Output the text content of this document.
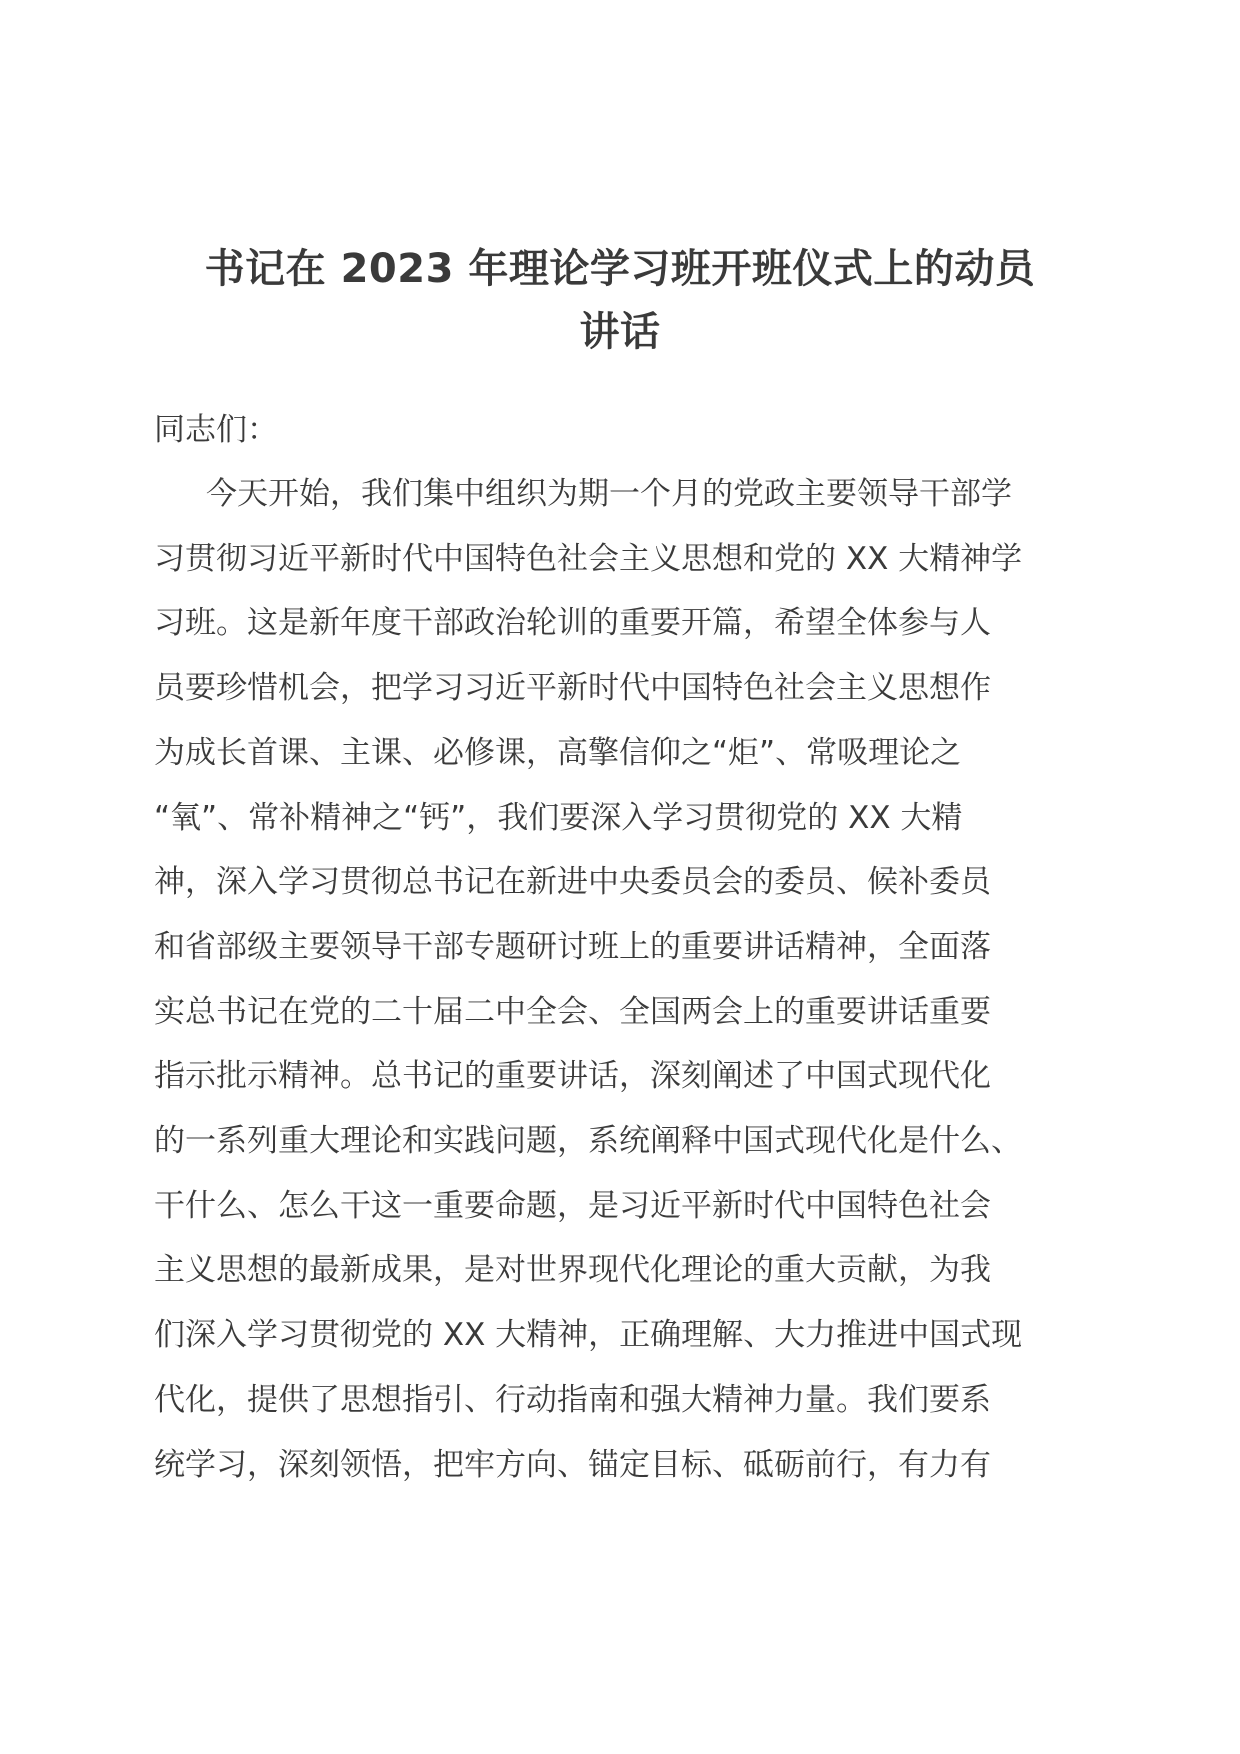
书记在 2023 年理论学习班开班仪式上的动员
讲话

同志们：

今天开始，我们集中组织为期一个月的党政主要领导干部学
习贯彻习近平新时代中国特色社会主义思想和党的 XX 大精神学
习班。这是新年度干部政治轮训的重要开篇，希望全体参与人
员要珍惜机会，把学习习近平新时代中国特色社会主义思想作
为成长首课、主课、必修课，高擎信仰之“炬”、常吸理论之
“氧”、常补精神之“钙”，我们要深入学习贯彻党的 XX 大精
神，深入学习贯彻总书记在新进中央委员会的委员、候补委员
和省部级主要领导干部专题研讨班上的重要讲话精神，全面落
实总书记在党的二十届二中全会、全国两会上的重要讲话重要
指示批示精神。总书记的重要讲话，深刻阐述了中国式现代化
的一系列重大理论和实践问题，系统阐释中国式现代化是什么、
干什么、怎么干这一重要命题，是习近平新时代中国特色社会
主义思想的最新成果，是对世界现代化理论的重大贡献，为我
们深入学习贯彻党的 XX 大精神，正确理解、大力推进中国式现
代化，提供了思想指引、行动指南和强大精神力量。我们要系
统学习，深刻领悟，把牢方向、锚定目标、砥砺前行，有力有
